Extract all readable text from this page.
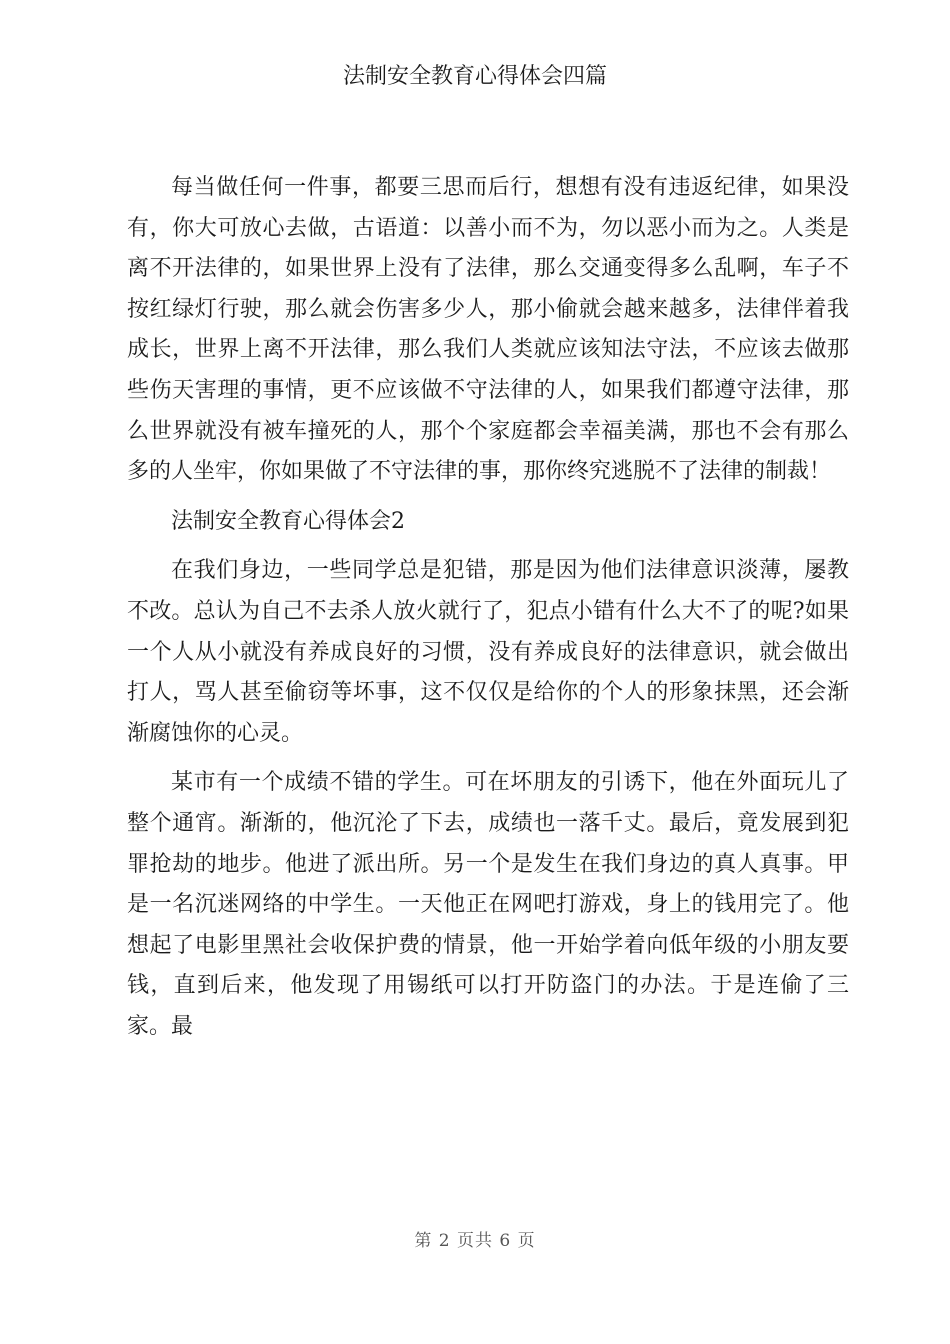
法制安全教育心得体会四篇

每当做任何一件事，都要三思而后行，想想有没有违返纪律，如果没有，你大可放心去做，古语道：以善小而不为，勿以恶小而为之。人类是离不开法律的，如果世界上没有了法律，那么交通变得多么乱啊，车子不按红绿灯行驶，那么就会伤害多少人，那小偷就会越来越多，法律伴着我成长，世界上离不开法律，那么我们人类就应该知法守法，不应该去做那些伤天害理的事情，更不应该做不守法律的人，如果我们都遵守法律，那么世界就没有被车撞死的人，那个个家庭都会幸福美满，那也不会有那么多的人坐牢，你如果做了不守法律的事，那你终究逃脱不了法律的制裁！

法制安全教育心得体会2

在我们身边，一些同学总是犯错，那是因为他们法律意识淡薄，屡教不改。总认为自己不去杀人放火就行了，犯点小错有什么大不了的呢?如果一个人从小就没有养成良好的习惯，没有养成良好的法律意识，就会做出打人，骂人甚至偷窃等坏事，这不仅仅是给你的个人的形象抹黑，还会渐渐腐蚀你的心灵。

某市有一个成绩不错的学生。可在坏朋友的引诱下，他在外面玩儿了整个通宵。渐渐的，他沉沦了下去，成绩也一落千丈。最后，竟发展到犯罪抢劫的地步。他进了派出所。另一个是发生在我们身边的真人真事。甲是一名沉迷网络的中学生。一天他正在网吧打游戏，身上的钱用完了。他想起了电影里黑社会收保护费的情景，他一开始学着向低年级的小朋友要钱，直到后来，他发现了用锡纸可以打开防盗门的办法。于是连偷了三家。最

第 2 页共 6 页
